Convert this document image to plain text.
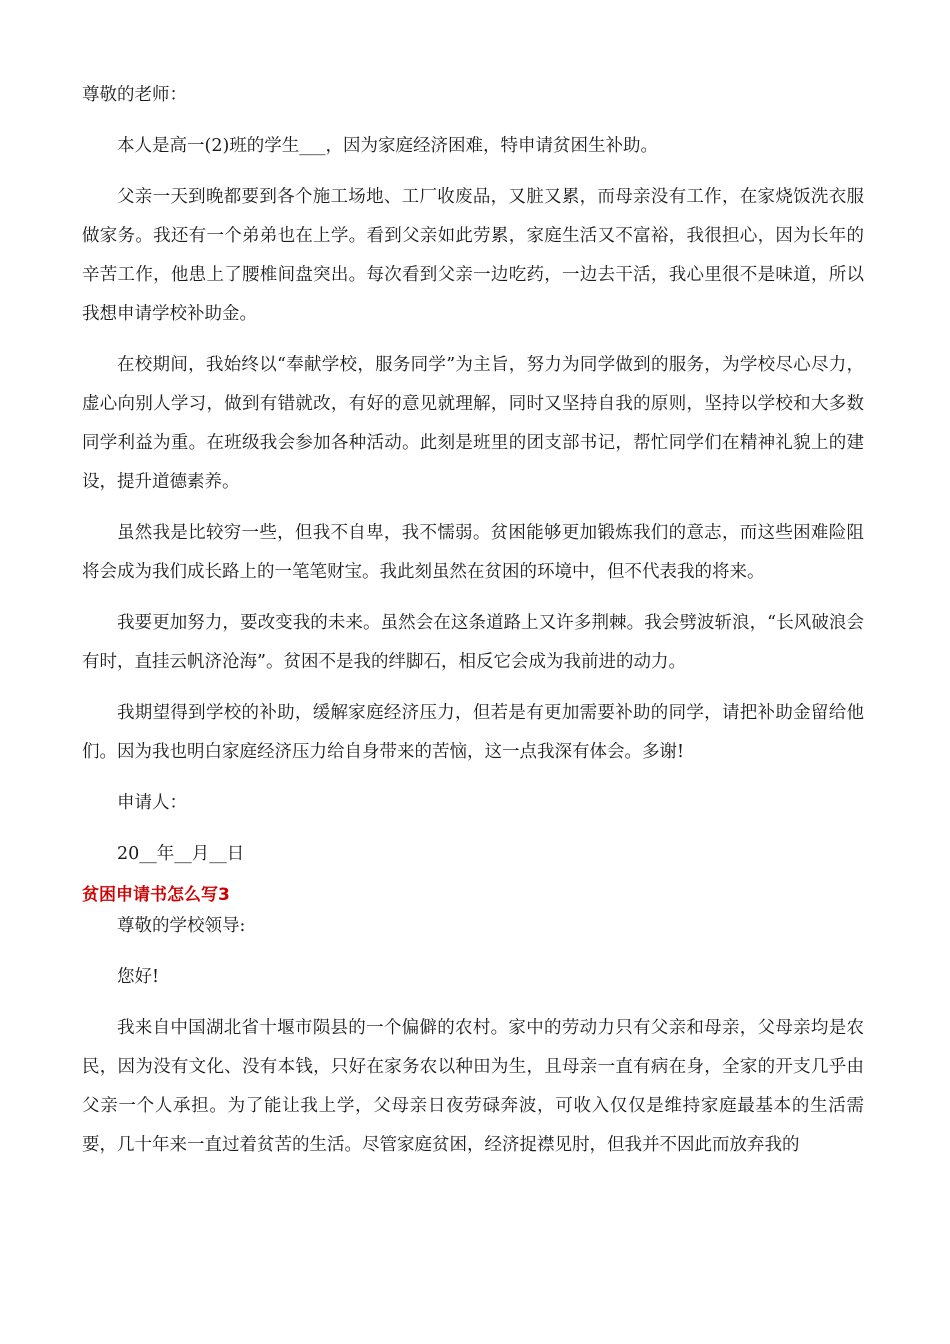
尊敬的老师：

本人是高一(2)班的学生___，因为家庭经济困难，特申请贫困生补助。

父亲一天到晚都要到各个施工场地、工厂收废品，又脏又累，而母亲没有工作，在家烧饭洗衣服做家务。我还有一个弟弟也在上学。看到父亲如此劳累，家庭生活又不富裕，我很担心，因为长年的辛苦工作，他患上了腰椎间盘突出。每次看到父亲一边吃药，一边去干活，我心里很不是味道，所以我想申请学校补助金。

在校期间，我始终以“奉献学校，服务同学”为主旨，努力为同学做到的服务，为学校尽心尽力，虚心向别人学习，做到有错就改，有好的意见就理解，同时又坚持自我的原则，坚持以学校和大多数同学利益为重。在班级我会参加各种活动。此刻是班里的团支部书记，帮忙同学们在精神礼貌上的建设，提升道德素养。

虽然我是比较穷一些，但我不自卑，我不懦弱。贫困能够更加锻炼我们的意志，而这些困难险阻将会成为我们成长路上的一笔笔财宝。我此刻虽然在贫困的环境中，但不代表我的将来。

我要更加努力，要改变我的未来。虽然会在这条道路上又许多荆棘。我会劈波斩浪，“长风破浪会有时，直挂云帆济沧海”。贫困不是我的绊脚石，相反它会成为我前进的动力。

我期望得到学校的补助，缓解家庭经济压力，但若是有更加需要补助的同学，请把补助金留给他们。因为我也明白家庭经济压力给自身带来的苦恼，这一点我深有体会。多谢!

申请人：

20__年__月__日

贫困申请书怎么写3

尊敬的学校领导:

您好!

我来自中国湖北省十堰市陨县的一个偏僻的农村。家中的劳动力只有父亲和母亲，父母亲均是农民，因为没有文化、没有本钱，只好在家务农以种田为生，且母亲一直有病在身，全家的开支几乎由父亲一个人承担。为了能让我上学，父母亲日夜劳碌奔波，可收入仅仅是维持家庭最基本的生活需要，几十年来一直过着贫苦的生活。尽管家庭贫困，经济捉襟见肘，但我并不因此而放弃我的
